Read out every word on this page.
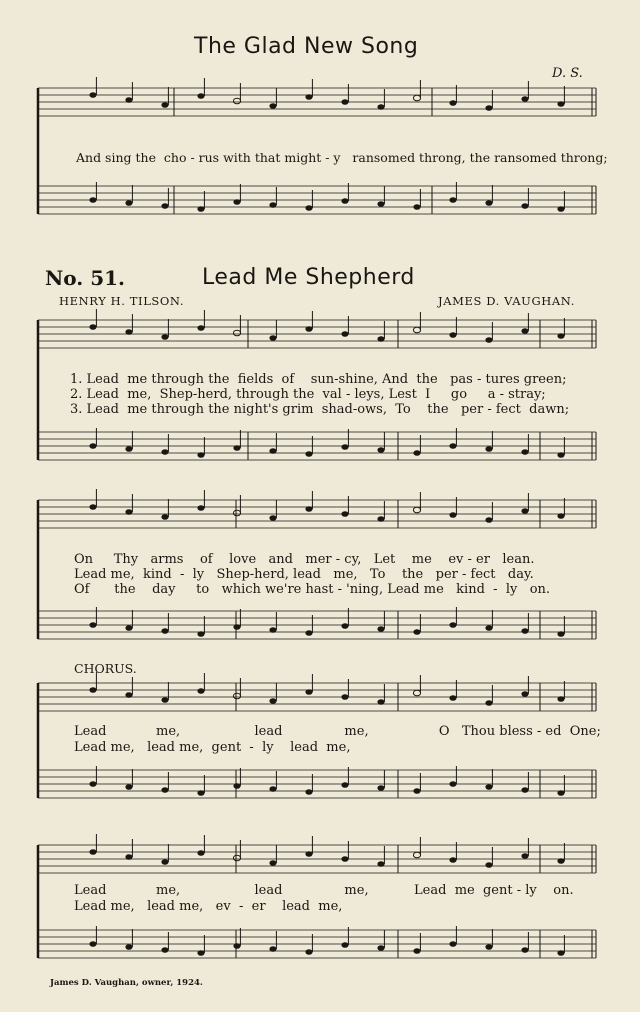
The Glad New Song
D. S.
And sing the  cho - rus with that might - y   ransomed throng, the ransomed throng;
No. 51.	Lead Me Shepherd
HENRY H. TILSON.	JAMES D. VAUGHAN.
1. Lead  me through the  fields  of    sun-shine, And  the   pas - tures green;
2. Lead  me,  Shep-herd, through the  val - leys, Lest  I     go     a - stray;
3. Lead  me through the night's grim  shad-ows,  To    the   per - fect  dawn;
On     Thy   arms    of    love   and   mer - cy,   Let    me    ev - er   lean.
Lead me,  kind  -  ly   Shep-herd, lead   me,   To    the   per - fect   day.
Of      the    day     to   which we're hast - 'ning, Lead me   kind  -  ly   on.
CHORUS.
Lead            me,                  lead               me,                 O   Thou bless - ed  One;
Lead me,   lead me,  gent  -  ly    lead  me,
Lead            me,                  lead               me,           Lead  me  gent - ly    on.
Lead me,   lead me,   ev  -  er    lead  me,
James D. Vaughan, owner, 1924.
